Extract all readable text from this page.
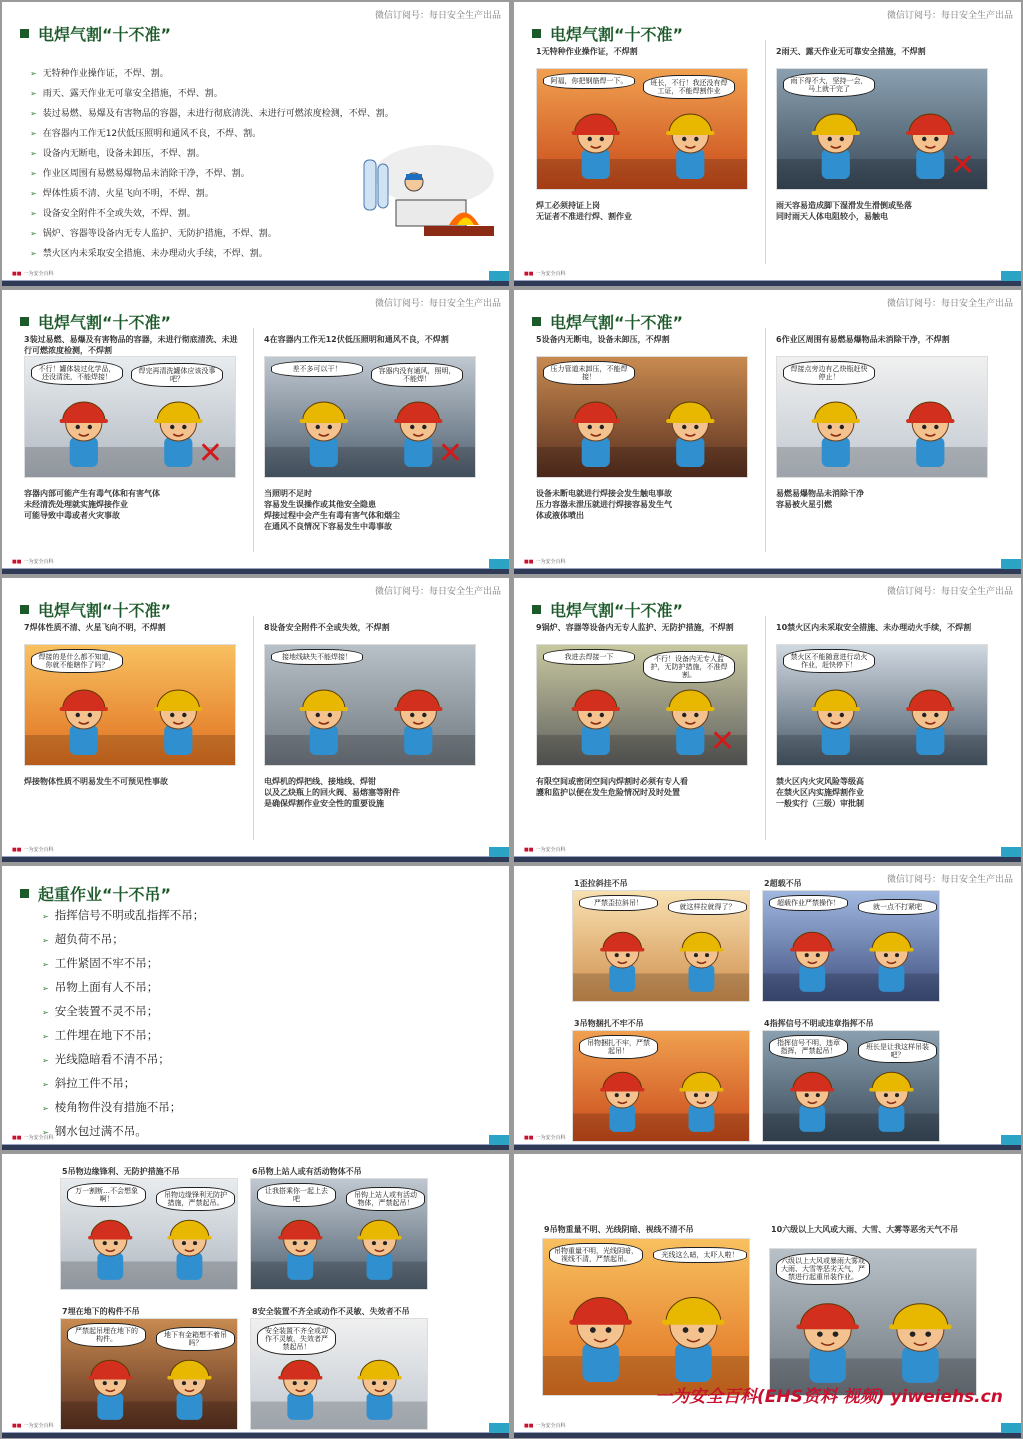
微信订阅号：每日安全生产出品
电焊气割“十不准”
➢ 无特种作业操作证，不焊、割。
➢ 雨天、露天作业无可靠安全措施，不焊、割。
➢ 装过易燃、易爆及有害物品的容器，未进行彻底清洗、未进行可燃浓度检测，不焊、割。
➢ 在容器内工作无12伏低压照明和通风不良，不焊、割。
➢ 设备内无断电，设备未卸压，不焊、割。
➢ 作业区周围有易燃易爆物品未消除干净，不焊、割。
➢ 焊体性质不清、火星飞向不明，不焊、割。
➢ 设备安全附件不全或失效，不焊、割。
➢ 锅炉、容器等设备内无专人监护、无防护措施，不焊、割。
➢ 禁火区内未采取安全措施、未办理动火手续，不焊、割。
■■ 一为安全百科
微信订阅号：每日安全生产出品
电焊气割“十不准”
■■ 一为安全百科
1无特种作业操作证，不焊割
阿福，你把钢筋焊一下。	班长，不行！我还没有焊工证，不能焊割作业
焊工必须持证上岗
无证者不准进行焊、割作业
2雨天、露天作业无可靠安全措施，不焊割
雨下得不大，坚持一会，马上就干完了
✕
雨天容易造成脚下湿滑发生滑倒或坠落
同时雨天人体电阻较小，易触电
微信订阅号：每日安全生产出品
电焊气割“十不准”
■■ 一为安全百科
3装过易燃、易爆及有害物品的容器，未进行彻底清洗、未进行可燃浓度检测，不焊割
不行！罐体装过化学品，还没清洗，不能焊接！
焊完再清洗罐体应该没事吧？
✕
容器内部可能产生有毒气体和有害气体
未经清洗处理就实施焊接作业
可能导致中毒或者火灾事故
4在容器内工作无12伏低压照明和通风不良，不焊割
差不多可以干！	容器内没有通风，照明，不能焊！
✕
当照明不足时
容易发生误操作或其他安全隐患
焊接过程中会产生有毒有害气体和烟尘
在通风不良情况下容易发生中毒事故
微信订阅号：每日安全生产出品
电焊气割“十不准”
■■ 一为安全百科
5设备内无断电，设备未卸压，不焊割
压力管道未卸压，不能焊接！
设备未断电就进行焊接会发生触电事故
压力容器未泄压就进行焊接容易发生气
体或液体喷出
6作业区周围有易燃易爆物品未消除干净，不焊割
焊接点旁边有乙炔瓶赶快停止！
易燃易爆物品未消除干净
容易被火星引燃
微信订阅号：每日安全生产出品
电焊气割“十不准”
■■ 一为安全百科
7焊体性质不清、火星飞向不明，不焊割
焊接的是什么都不知道，你就不能瞎作了吗？
焊接物体性质不明易发生不可预见性事故
8设备安全附件不全或失效，不焊割
接地线缺失不能焊接！
电焊机的焊把线、接地线、焊钳
以及乙炔瓶上的回火阀、易熔塞等附件
是确保焊割作业安全性的重要设施
微信订阅号：每日安全生产出品
电焊气割“十不准”
■■ 一为安全百科
9锅炉、容器等设备内无专人监护、无防护措施，不焊割
我进去焊接一下	不行！设备内无专人监护，无防护措施，不准焊割。
✕
有限空间或密闭空间内焊割时必须有专人看
護和监护以便在发生危险情况时及时处置
10禁火区内未采取安全措施、未办理动火手续，不焊割
禁火区不能随意进行动火作业，赶快停下！
禁火区内火灾风险等级高
在禁火区内实施焊割作业
一般实行（三级）审批制
起重作业“十不吊”
➢ 指挥信号不明或乱指挥不吊；
➢ 超负荷不吊；
➢ 工件紧固不牢不吊；
➢ 吊物上面有人不吊；
➢ 安全装置不灵不吊；
➢ 工件埋在地下不吊；
➢ 光线隐暗看不清不吊；
➢ 斜拉工件不吊；
➢ 棱角物件没有措施不吊；
➢ 钢水包过满不吊。
■■ 一为安全百科
微信订阅号：每日安全生产出品
■■ 一为安全百科
1歪拉斜挂不吊
严禁歪拉斜吊！	就这样拉就得了？
2超载不吊
超载作业严禁操作！	就一点不打紧吧
3吊物捆扎不牢不吊
吊物捆扎不牢，严禁起吊！
4指挥信号不明或违章指挥不吊
指挥信号不明，违章指挥，严禁起吊！	班长是让我这样吊装吧？
■■ 一为安全百科
5吊物边缘锋利、无防护措施不吊
万一割断…不会想象啊！	吊物边缘锋利无防护措施，严禁起吊。
6吊物上站人或有活动物体不吊
让我搭乘你一起上去吧	吊钩上站人或有活动物体，严禁起吊！
7埋在地下的构件不吊
严禁起吊埋在地下的构件。	地下有金箱想不着吊吗？
8安全装置不齐全或动作不灵敏、失效者不吊
安全装置不齐全或动作不灵敏，失效者严禁起吊！
■■ 一为安全百科
9吊物重量不明、光线阴暗、视线不清不吊
吊物重量不明，光线阴暗，视线不清，严禁起吊。	光线这么暗，太吓人啦！
10六级以上大风或大雨、大雪、大雾等恶劣天气不吊
六级以上大风或暴雨大雾或大雨、大雪等恶劣天气，严禁进行起重吊装作业。
一为安全百科(EHS资料 视频) yiweiehs.cn
